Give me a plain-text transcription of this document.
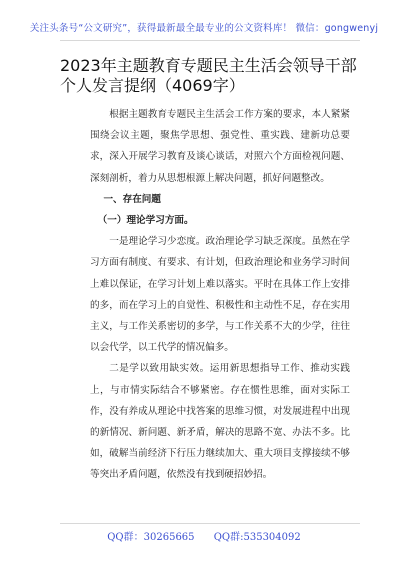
关注头条号“公文研究”，获得最新最全最专业的公文资料库！ 微信：gongwenyj
2023年主题教育专题民主生活会领导干部个人发言提纲（4069字）

根据主题教育专题民主生活会工作方案的要求，本人紧紧围绕会议主题，聚焦学思想、强党性、重实践、建新功总要求，深入开展学习教育及谈心谈话，对照六个方面检视问题、深刻剖析，着力从思想根源上解决问题，抓好问题整改。

一、存在问题

（一）理论学习方面。

一是理论学习少恋度。政治理论学习缺乏深度。虽然在学习方面有制度、有要求、有计划，但政治理论和业务学习时间上难以保证，在学习计划上难以落实。平时在具体工作上安排的多，而在学习上的自觉性、积极性和主动性不足，存在实用主义，与工作关系密切的多学，与工作关系不大的少学，往往以会代学，以工代学的情况偏多。

二是学以致用缺实效。运用新思想指导工作、推动实践上，与市情实际结合不够紧密。存在惯性思维，面对实际工作，没有养成从理论中找答案的思维习惯，对发展进程中出现的新情况、新问题、新矛盾，解决的思路不宽、办法不多。比如，破解当前经济下行压力继续加大、重大项目支撑接续不够等突出矛盾问题，依然没有找到硬招妙招。

QQ群：30265665 QQ群:535304092
